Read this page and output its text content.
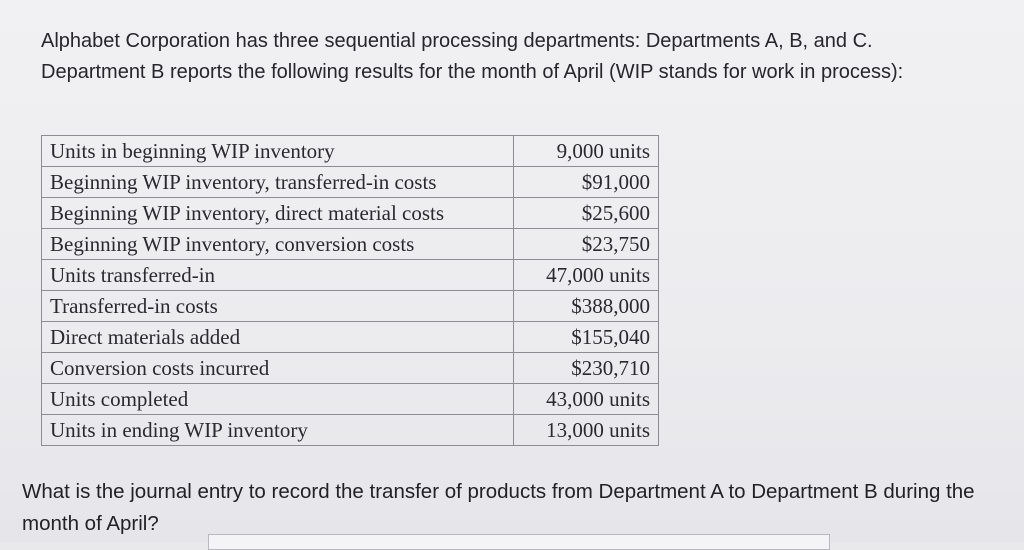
Alphabet Corporation has three sequential processing departments: Departments A, B, and C. Department B reports the following results for the month of April (WIP stands for work in process):
Units in beginning WIP inventory	9,000 units
Beginning WIP inventory, transferred-in costs	$91,000
Beginning WIP inventory, direct material costs	$25,600
Beginning WIP inventory, conversion costs	$23,750
Units transferred-in	47,000 units
Transferred-in costs	$388,000
Direct materials added	$155,040
Conversion costs incurred	$230,710
Units completed	43,000 units
Units in ending WIP inventory	13,000 units
What is the journal entry to record the transfer of products from Department A to Department B during the month of April?
